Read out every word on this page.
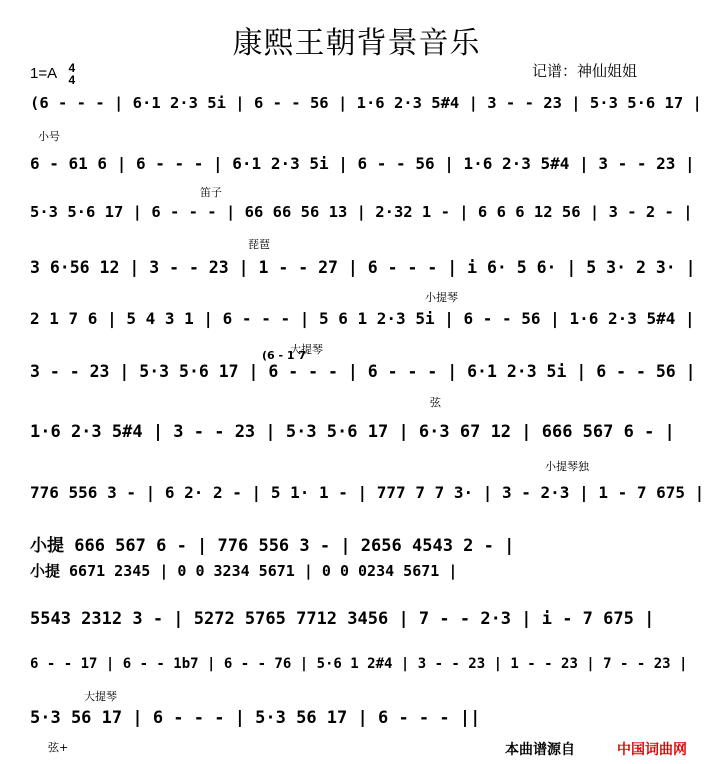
康熙王朝背景音乐
1=A 4
4	记谱：神仙姐姐
(6 - - - | 6·1 2·3 5i | 6 - - 56 | 1·6 2·3 5#4 | 3 - - 23 | 5·3 5·6 17 |
6 - 61 6 | 6 - - - | 6·1 2·3 5i | 6 - - 56 | 1·6 2·3 5#4 | 3 - - 23 |
5·3 5·6 17 | 6 - - - | 66 66 56 13 | 2·32 1 - | 6 6 6 12 56 | 3 - 2 - |
3 6·56 12 | 3 - - 23 | 1 - - 27 | 6 - - - | i 6· 5 6· | 5 3· 2 3· |
2 1 7 6 | 5 4 3 1 | 6 - - - | 5 6 1 2·3 5i | 6 - - 56 | 1·6 2·3 5#4 |
3 - - 23 | 5·3 5·6 17 | 6 - - - | 6 - - - | 6·1 2·3 5i | 6 - - 56 |
1·6 2·3 5#4 | 3 - - 23 | 5·3 5·6 17 | 6·3 67 12 | 666 567 6 - |
776 556 3 - | 6 2· 2 - | 5 1· 1 - | 777 7 7 3· | 3 - 2·3 | 1 - 7 675 |
小提 666 567 6 - | 776 556 3 - | 2656 4543 2 - |
小提 6671 2345 | 0 0 3234 5671 | 0 0 0234 5671 |
5543 2312 3 - | 5272 5765 7712 3456 | 7 - - 2·3 | i - 7 675 |
6 - - 17 | 6 - - 1b7 | 6 - - 76 | 5·6 1 2#4 | 3 - - 23 | 1 - - 23 | 7 - - 23 |
5·3 56 17 | 6 - - - | 5·3 56 17 | 6 - - - ||
小号
笛子
琵琶
小提琴
大提琴
(6 - 1 7
弦
小提琴独
大提琴
弦+	本曲谱源自	中国词曲网
